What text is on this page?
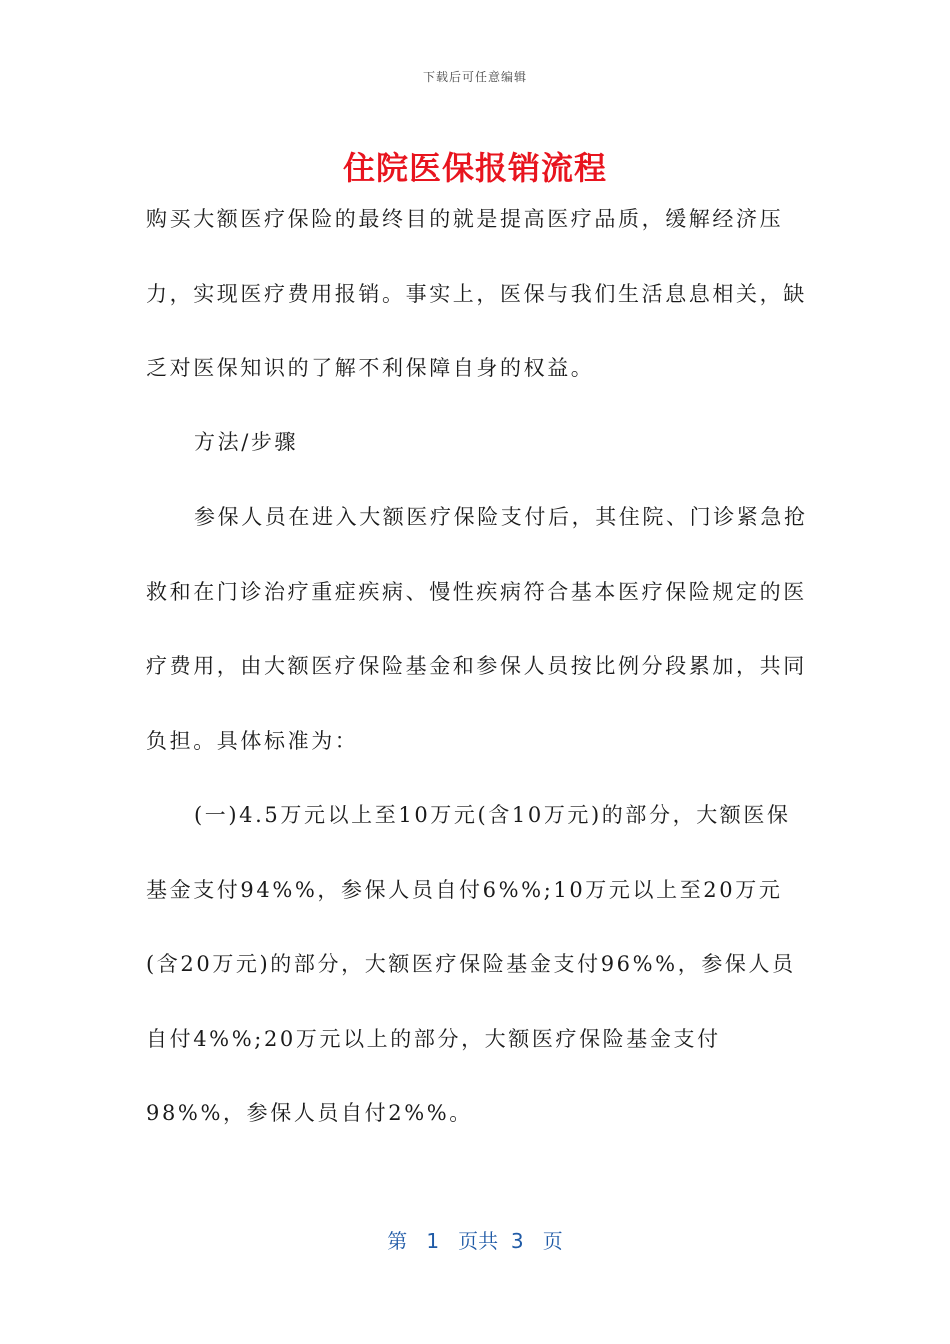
下载后可任意编辑
住院医保报销流程

购买大额医疗保险的最终目的就是提高医疗品质，缓解经济压力，实现医疗费用报销。事实上，医保与我们生活息息相关，缺乏对医保知识的了解不利保障自身的权益。

方法/步骤

参保人员在进入大额医疗保险支付后，其住院、门诊紧急抢救和在门诊治疗重症疾病、慢性疾病符合基本医疗保险规定的医疗费用，由大额医疗保险基金和参保人员按比例分段累加，共同负担。具体标准为：

(一)4.5万元以上至10万元(含10万元)的部分，大额医保基金支付94%%，参保人员自付6%%;10万元以上至20万元(含20万元)的部分，大额医疗保险基金支付96%%，参保人员自付4%%;20万元以上的部分，大额医疗保险基金支付98%%，参保人员自付2%%。

第 1 页共 3 页
